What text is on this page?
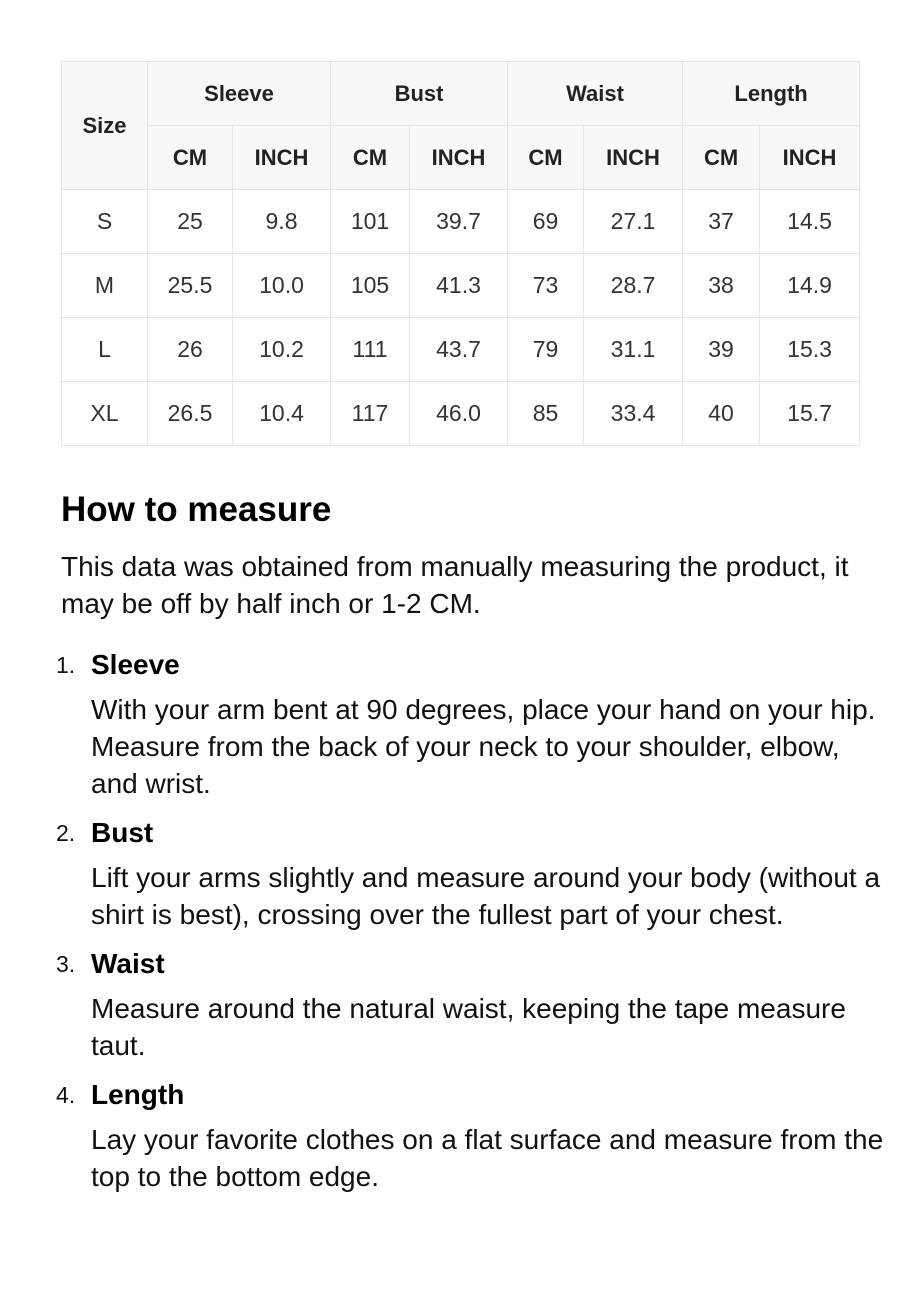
Size	Sleeve		Bust		Waist		Length	
	CM	INCH	CM	INCH	CM	INCH	CM	INCH
S	25	9.8	101	39.7	69	27.1	37	14.5
M	25.5	10.0	105	41.3	73	28.7	38	14.9
L	26	10.2	111	43.7	79	31.1	39	15.3
XL	26.5	10.4	117	46.0	85	33.4	40	15.7
How to measure

This data was obtained from manually measuring the product, it may be off by half inch or 1-2 CM.

1. Sleeve
With your arm bent at 90 degrees, place your hand on your hip. Measure from the back of your neck to your shoulder, elbow, and wrist.
2. Bust
Lift your arms slightly and measure around your body (without a shirt is best), crossing over the fullest part of your chest.
3. Waist
Measure around the natural waist, keeping the tape measure taut.
4. Length
Lay your favorite clothes on a flat surface and measure from the top to the bottom edge.
